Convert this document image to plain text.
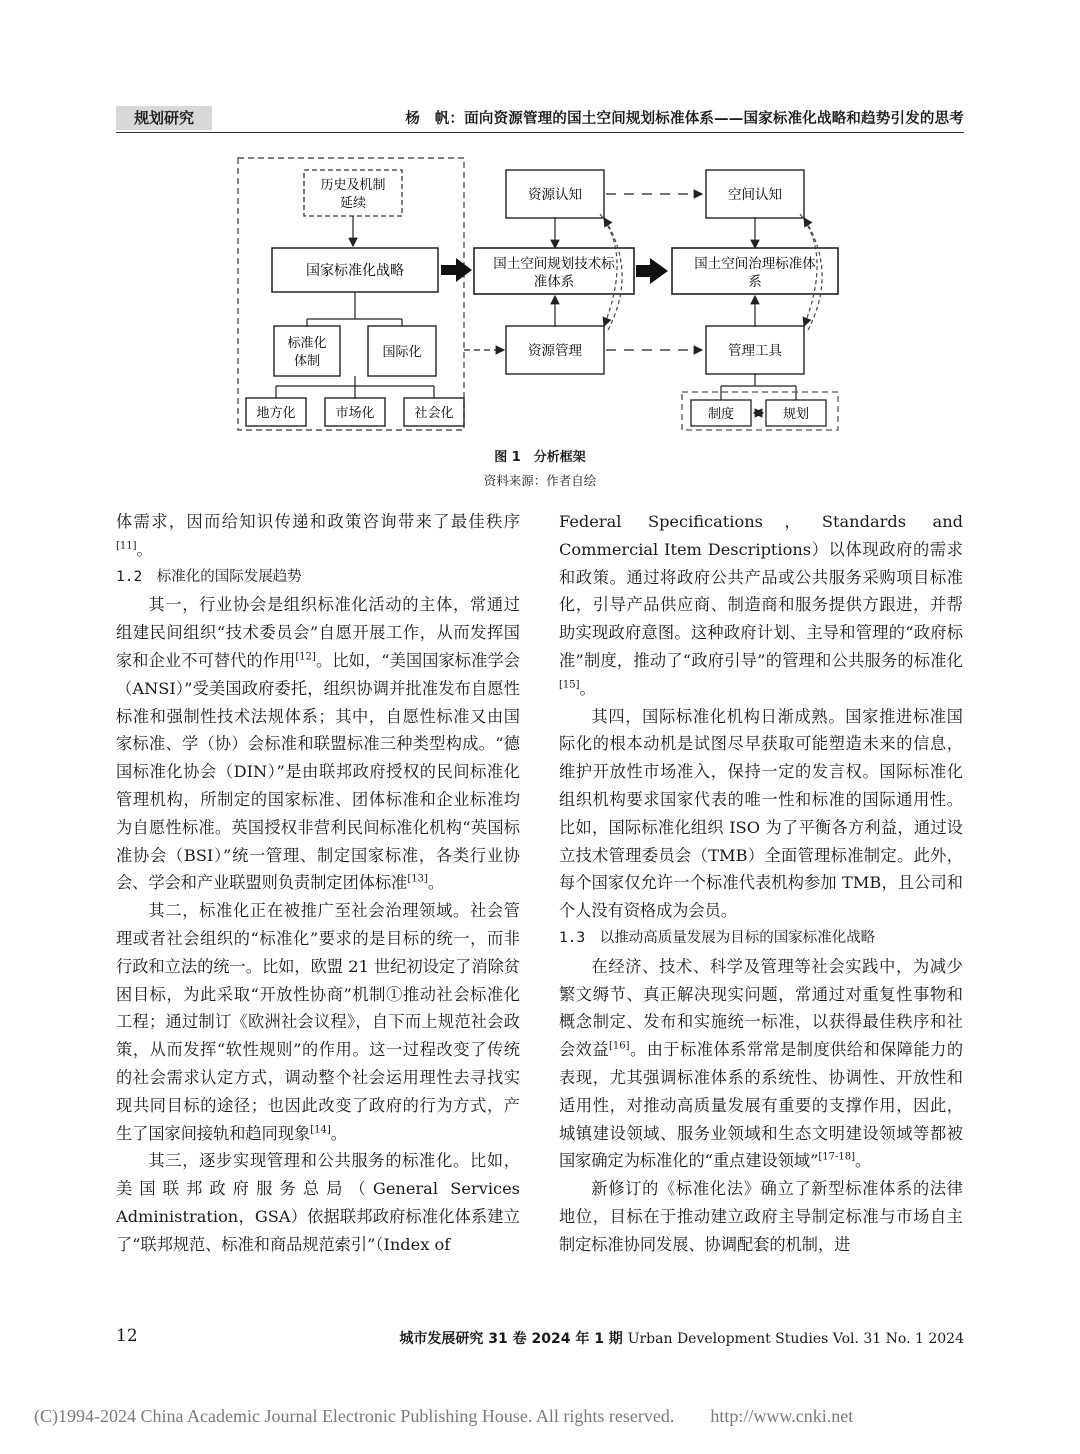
规划研究	杨　帆：面向资源管理的国土空间规划标准体系——国家标准化战略和趋势引发的思考
历史及机制
延续
国家标准化战略
标准化
体制
国际化
地方化	市场化	社会化
资源认知
国土空间规划技术标
准体系
资源管理
空间认知
国土空间治理标准体
系
管理工具
制度	规划
图 1　分析框架
资料来源：作者自绘

体需求，因而给知识传递和政策咨询带来了最佳秩序[11]。

1.2　标准化的国际发展趋势

其一，行业协会是组织标准化活动的主体，常通过组建民间组织“技术委员会”自愿开展工作，从而发挥国家和企业不可替代的作用[12]。比如，“美国国家标准学会（ANSI）”受美国政府委托，组织协调并批准发布自愿性标准和强制性技术法规体系；其中，自愿性标准又由国家标准、学（协）会标准和联盟标准三种类型构成。“德国标准化协会（DIN）”是由联邦政府授权的民间标准化管理机构，所制定的国家标准、团体标准和企业标准均为自愿性标准。英国授权非营利民间标准化机构“英国标准协会（BSI）”统一管理、制定国家标准，各类行业协会、学会和产业联盟则负责制定团体标准[13]。

其二，标准化正在被推广至社会治理领域。社会管理或者社会组织的“标准化”要求的是目标的统一，而非行政和立法的统一。比如，欧盟 21 世纪初设定了消除贫困目标，为此采取“开放性协商”机制①推动社会标准化工程；通过制订《欧洲社会议程》，自下而上规范社会政策，从而发挥“软性规则”的作用。这一过程改变了传统的社会需求认定方式，调动整个社会运用理性去寻找实现共同目标的途径；也因此改变了政府的行为方式，产生了国家间接轨和趋同现象[14]。

其三，逐步实现管理和公共服务的标准化。比如，美国联邦政府服务总局（General Services Administration，GSA）依据联邦政府标准化体系建立了“联邦规范、标准和商品规范索引”（Index of

Federal Specifications，Standards and Commercial Item Descriptions）以体现政府的需求和政策。通过将政府公共产品或公共服务采购项目标准化，引导产品供应商、制造商和服务提供方跟进，并帮助实现政府意图。这种政府计划、主导和管理的“政府标准”制度，推动了“政府引导”的管理和公共服务的标准化[15]。

其四，国际标准化机构日渐成熟。国家推进标准国际化的根本动机是试图尽早获取可能塑造未来的信息，维护开放性市场准入，保持一定的发言权。国际标准化组织机构要求国家代表的唯一性和标准的国际通用性。比如，国际标准化组织 ISO 为了平衡各方利益，通过设立技术管理委员会（TMB）全面管理标准制定。此外，每个国家仅允许一个标准代表机构参加 TMB，且公司和个人没有资格成为会员。

1.3　以推动高质量发展为目标的国家标准化战略

在经济、技术、科学及管理等社会实践中，为减少繁文缛节、真正解决现实问题，常通过对重复性事物和概念制定、发布和实施统一标准，以获得最佳秩序和社会效益[16]。由于标准体系常常是制度供给和保障能力的表现，尤其强调标准体系的系统性、协调性、开放性和适用性，对推动高质量发展有重要的支撑作用，因此，城镇建设领域、服务业领域和生态文明建设领域等都被国家确定为标准化的“重点建设领域”[17-18]。

新修订的《标准化法》确立了新型标准体系的法律地位，目标在于推动建立政府主导制定标准与市场自主制定标准协同发展、协调配套的机制，进

12	城市发展研究 31 卷 2024 年 1 期 Urban Development Studies Vol. 31 No. 1 2024
(C)1994-2024 China Academic Journal Electronic Publishing House. All rights reserved.　　http://www.cnki.net
